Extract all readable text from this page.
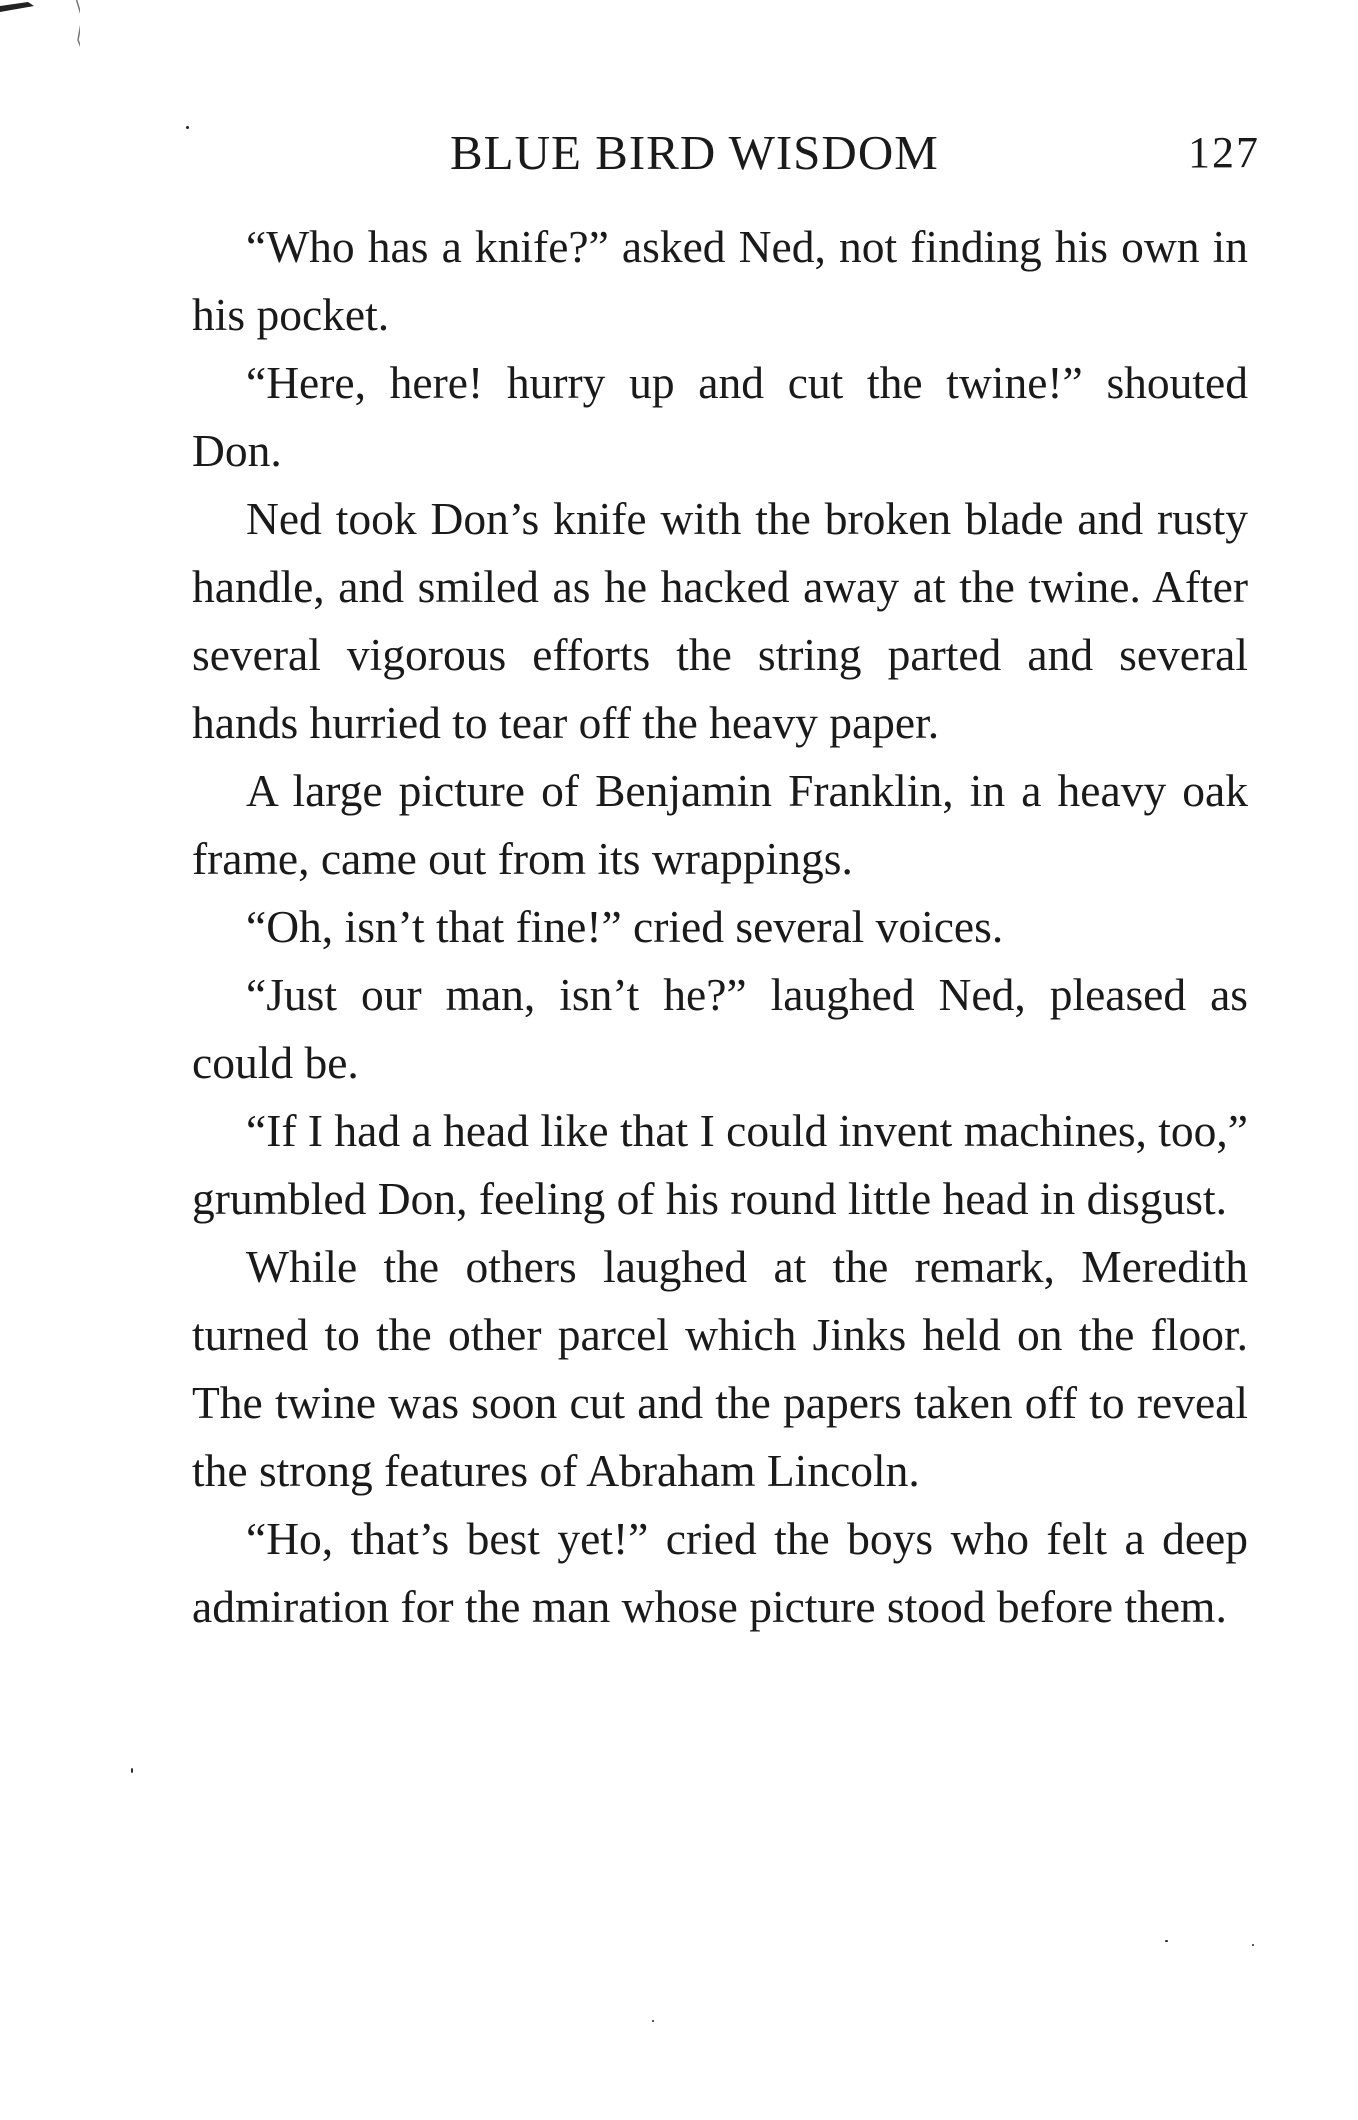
BLUE BIRD WISDOM	127

“Who has a knife?” asked Ned, not finding his own in his pocket.

“Here, here! hurry up and cut the twine!” shouted Don.

Ned took Don’s knife with the broken blade and rusty handle, and smiled as he hacked away at the twine. After several vigorous efforts the string parted and several hands hurried to tear off the heavy paper.

A large picture of Benjamin Franklin, in a heavy oak frame, came out from its wrappings.

“Oh, isn’t that fine!” cried several voices.

“Just our man, isn’t he?” laughed Ned, pleased as could be.

“If I had a head like that I could invent machines, too,” grumbled Don, feeling of his round little head in disgust.

While the others laughed at the remark, Meredith turned to the other parcel which Jinks held on the floor. The twine was soon cut and the papers taken off to reveal the strong features of Abraham Lincoln.

“Ho, that’s best yet!” cried the boys who felt a deep admiration for the man whose picture stood before them.
